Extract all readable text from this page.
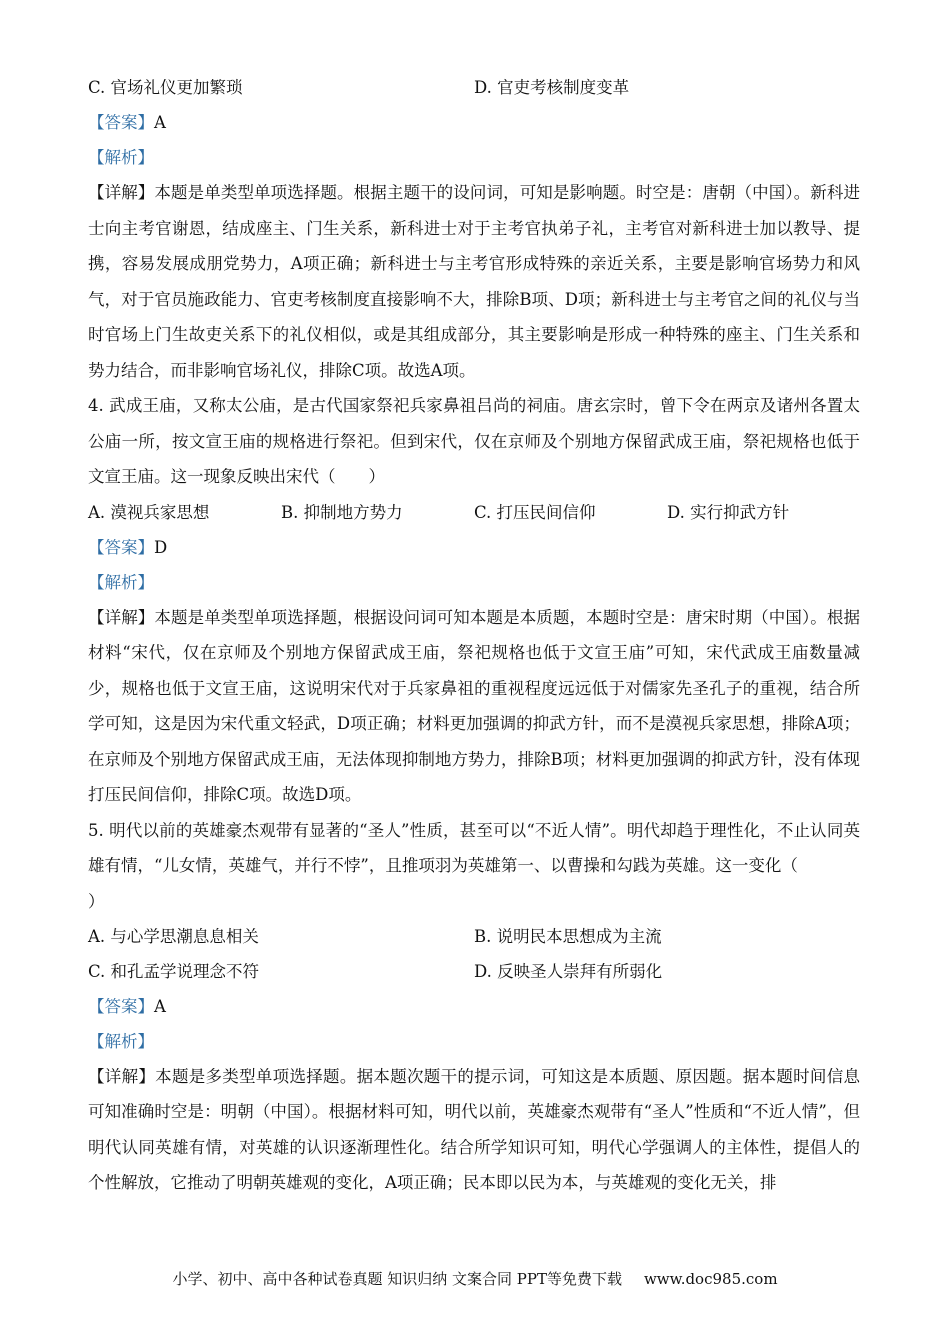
C. 官场礼仪更加繁琐	D. 官吏考核制度变革
【答案】A
【解析】
【详解】本题是单类型单项选择题。根据主题干的设问词，可知是影响题。时空是：唐朝（中国）。新科进士向主考官谢恩，结成座主、门生关系，新科进士对于主考官执弟子礼，主考官对新科进士加以教导、提携，容易发展成朋党势力，A项正确；新科进士与主考官形成特殊的亲近关系，主要是影响官场势力和风气，对于官员施政能力、官吏考核制度直接影响不大，排除B项、D项；新科进士与主考官之间的礼仪与当时官场上门生故吏关系下的礼仪相似，或是其组成部分，其主要影响是形成一种特殊的座主、门生关系和势力结合，而非影响官场礼仪，排除C项。故选A项。
4. 武成王庙，又称太公庙，是古代国家祭祀兵家鼻祖吕尚的祠庙。唐玄宗时，曾下令在两京及诸州各置太公庙一所，按文宣王庙的规格进行祭祀。但到宋代，仅在京师及个别地方保留武成王庙，祭祀规格也低于文宣王庙。这一现象反映出宋代（　　）
A. 漠视兵家思想	B. 抑制地方势力	C. 打压民间信仰	D. 实行抑武方针
【答案】D
【解析】
【详解】本题是单类型单项选择题，根据设问词可知本题是本质题，本题时空是：唐宋时期（中国）。根据材料“宋代，仅在京师及个别地方保留武成王庙，祭祀规格也低于文宣王庙”可知，宋代武成王庙数量减少，规格也低于文宣王庙，这说明宋代对于兵家鼻祖的重视程度远远低于对儒家先圣孔子的重视，结合所学可知，这是因为宋代重文轻武，D项正确；材料更加强调的抑武方针，而不是漠视兵家思想，排除A项；在京师及个别地方保留武成王庙，无法体现抑制地方势力，排除B项；材料更加强调的抑武方针，没有体现打压民间信仰，排除C项。故选D项。
5. 明代以前的英雄豪杰观带有显著的“圣人”性质，甚至可以“不近人情”。明代却趋于理性化，不止认同英雄有情，“儿女情，英雄气，并行不悖”，且推项羽为英雄第一、以曹操和勾践为英雄。这一变化（
）
A. 与心学思潮息息相关	B. 说明民本思想成为主流
C. 和孔孟学说理念不符	D. 反映圣人崇拜有所弱化
【答案】A
【解析】
【详解】本题是多类型单项选择题。据本题次题干的提示词，可知这是本质题、原因题。据本题时间信息可知准确时空是：明朝（中国）。根据材料可知，明代以前，英雄豪杰观带有“圣人”性质和“不近人情”，但明代认同英雄有情，对英雄的认识逐渐理性化。结合所学知识可知，明代心学强调人的主体性，提倡人的个性解放，它推动了明朝英雄观的变化，A项正确；民本即以民为本，与英雄观的变化无关，排
小学、初中、高中各种试卷真题 知识归纳 文案合同 PPT等免费下载 www.doc985.com
